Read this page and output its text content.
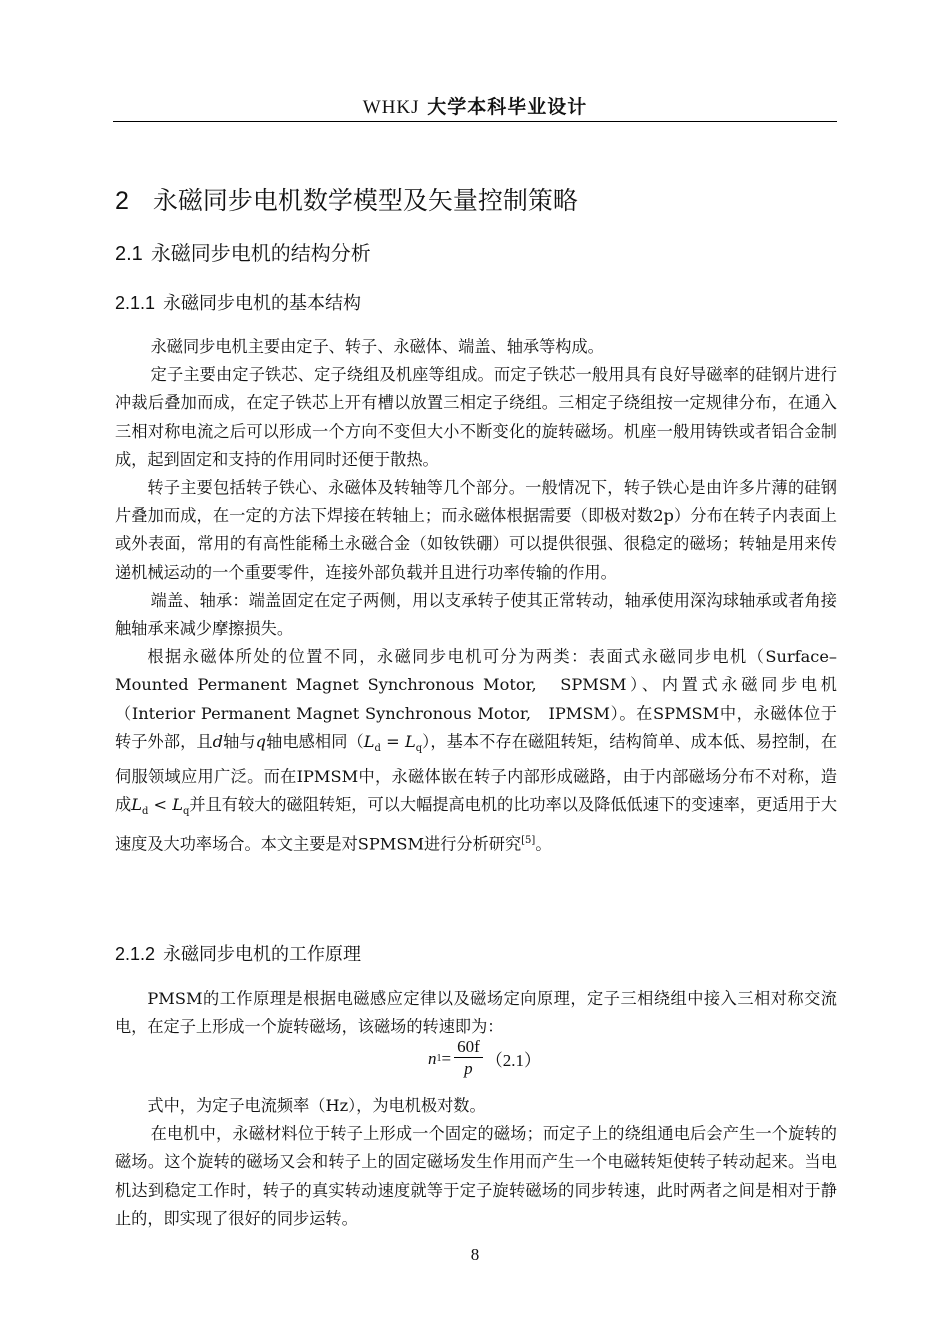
WHKJ 大学本科毕业设计
2 永磁同步电机数学模型及矢量控制策略
2.1 永磁同步电机的结构分析
2.1.1 永磁同步电机的基本结构

永磁同步电机主要由定子、转子、永磁体、端盖、轴承等构成。

定子主要由定子铁芯、定子绕组及机座等组成。而定子铁芯一般用具有良好导磁率的硅钢片进行冲裁后叠加而成，在定子铁芯上开有槽以放置三相定子绕组。三相定子绕组按一定规律分布，在通入三相对称电流之后可以形成一个方向不变但大小不断变化的旋转磁场。机座一般用铸铁或者铝合金制成，起到固定和支持的作用同时还便于散热。

转子主要包括转子铁心、永磁体及转轴等几个部分。一般情况下，转子铁心是由许多片薄的硅钢片叠加而成，在一定的方法下焊接在转轴上；而永磁体根据需要（即极对数2p）分布在转子内表面上或外表面，常用的有高性能稀土永磁合金（如钕铁硼）可以提供很强、很稳定的磁场；转轴是用来传递机械运动的一个重要零件，连接外部负载并且进行功率传输的作用。

端盖、轴承：端盖固定在定子两侧，用以支承转子使其正常转动，轴承使用深沟球轴承或者角接触轴承来减少摩擦损失。

根据永磁体所处的位置不同，永磁同步电机可分为两类：表面式永磁同步电机（Surface–Mounted Permanent Magnet Synchronous Motor,　SPMSM）、内置式永磁同步电机（Interior Permanent Magnet Synchronous Motor,　IPMSM）。在SPMSM中，永磁体位于转子外部，且d轴与q轴电感相同$(L_d = L_q)$，基本不存在磁阻转矩，结构简单、成本低、易控制，在伺服领域应用广泛。而在IPMSM中，永磁体嵌在转子内部形成磁路，由于内部磁场分布不对称，造成$L_d < L_q$并且有较大的磁阻转矩，可以大幅提高电机的比功率以及降低低速下的变速率，更适用于大速度及大功率场合。本文主要是对SPMSM进行分析研究[5]。

2.1.2 永磁同步电机的工作原理

PMSM的工作原理是根据电磁感应定律以及磁场定向原理，定子三相绕组中接入三相对称交流电，在定子上形成一个旋转磁场，该磁场的转速即为：

n $1 = \frac{60f}{p} (2.1)$

式中，为定子电流频率（Hz），为电机极对数。

在电机中，永磁材料位于转子上形成一个固定的磁场；而定子上的绕组通电后会产生一个旋转的磁场。这个旋转的磁场又会和转子上的固定磁场发生作用而产生一个电磁转矩使转子转动起来。当电机达到稳定工作时，转子的真实转动速度就等于定子旋转磁场的同步转速，此时两者之间是相对于静止的，即实现了很好的同步运转。

8
